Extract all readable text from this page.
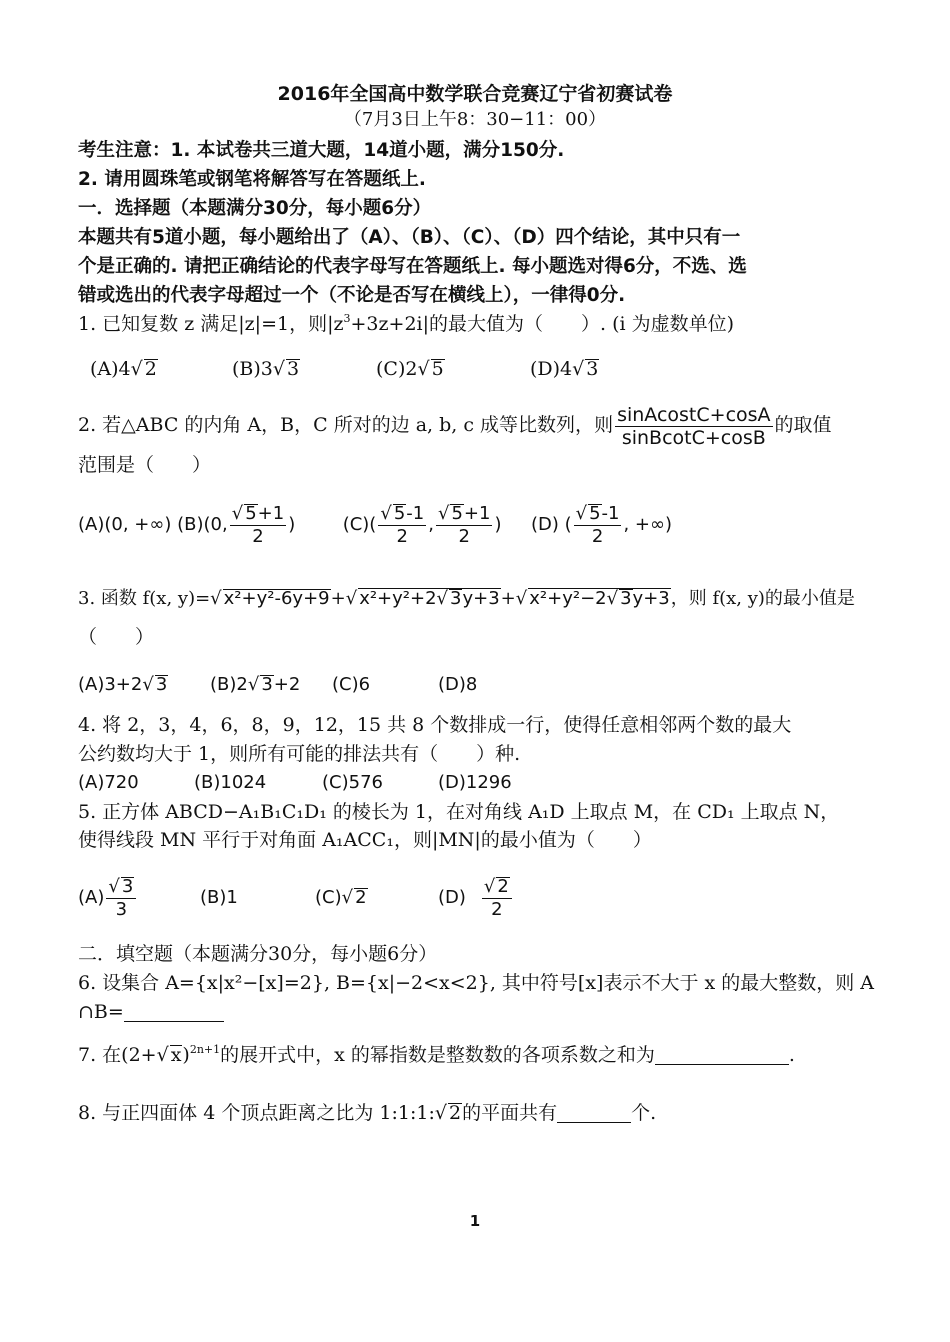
2016年全国高中数学联合竞赛辽宁省初赛试卷
（7月3日上午8：30−11：00）
考生注意：1. 本试卷共三道大题，14道小题，满分150分.
2. 请用圆珠笔或钢笔将解答写在答题纸上.
一．选择题（本题满分30分，每小题6分）
本题共有5道小题，每小题给出了（A）、（B）、（C）、（D）四个结论，其中只有一
个是正确的. 请把正确结论的代表字母写在答题纸上. 每小题选对得6分，不选、选
错或选出的代表字母超过一个（不论是否写在横线上），一律得0分.
1. 已知复数 z 满足|z|=1，则$|z^3+3z+2i|$的最大值为（　　）. (i 为虚数单位)
(A)4√ 2	(B)3√ 3	(C)2√ 5	(D)4√ 3
2. 若△ABC 的内角 A，B，C 所对的边 a, b, c 成等比数列，则 $\frac{\text{sinAcostC+cosA}}{\text{sinBcotC+cosB}}$ 的取值
范围是（　　）
(A)(0, +∞) (B)(0, $\frac{√ 5+1}{2}$ )	$(C)( \frac{√ 5-1}{2}$ , $\frac{√ 5+1}{2}$ ) (D) ( $\frac{√ 5-1}{2}$ , +∞)
3. 函数 f(x, y)=√ x²+y²-6y+9+√ x²+y²+2√ 3y+3+√ x²+y²−2√ 3y+3，则 f(x, y)的最小值是
（　　）
(A)3+2√ 3 (B)2√ 3+2 (C)6	(D)8
4. 将 2，3，4，6，8，9，12，15 共 8 个数排成一行，使得任意相邻两个数的最大
公约数均大于 1，则所有可能的排法共有（　　）种.
(A)720	(B)1024	(C)576	(D)1296
5. 正方体 ABCD−A₁B₁C₁D₁ 的棱长为 1，在对角线 A₁D 上取点 M，在 CD₁ 上取点 N，
使得线段 MN 平行于对角面 A₁ACC₁，则|MN|的最小值为（　　）
$(A) \frac{√ 3}{3}$	(B)1	(C)√ 2	$(D) \frac{√ 2}{2}$
二．填空题（本题满分30分，每小题6分）
6. 设集合 A={x|x²−[x]=2}, B={x|−2<x<2}, 其中符号[x]表示不大于 x 的最大整数，则 A
∩B=
7. 在(2+√ x)$^{2n+1}$的展开式中，x 的幂指数是整数数的各项系数之和为	.
8. 与正四面体 4 个顶点距离之比为 1:1:1:√ 2的平面共有	个.
1
